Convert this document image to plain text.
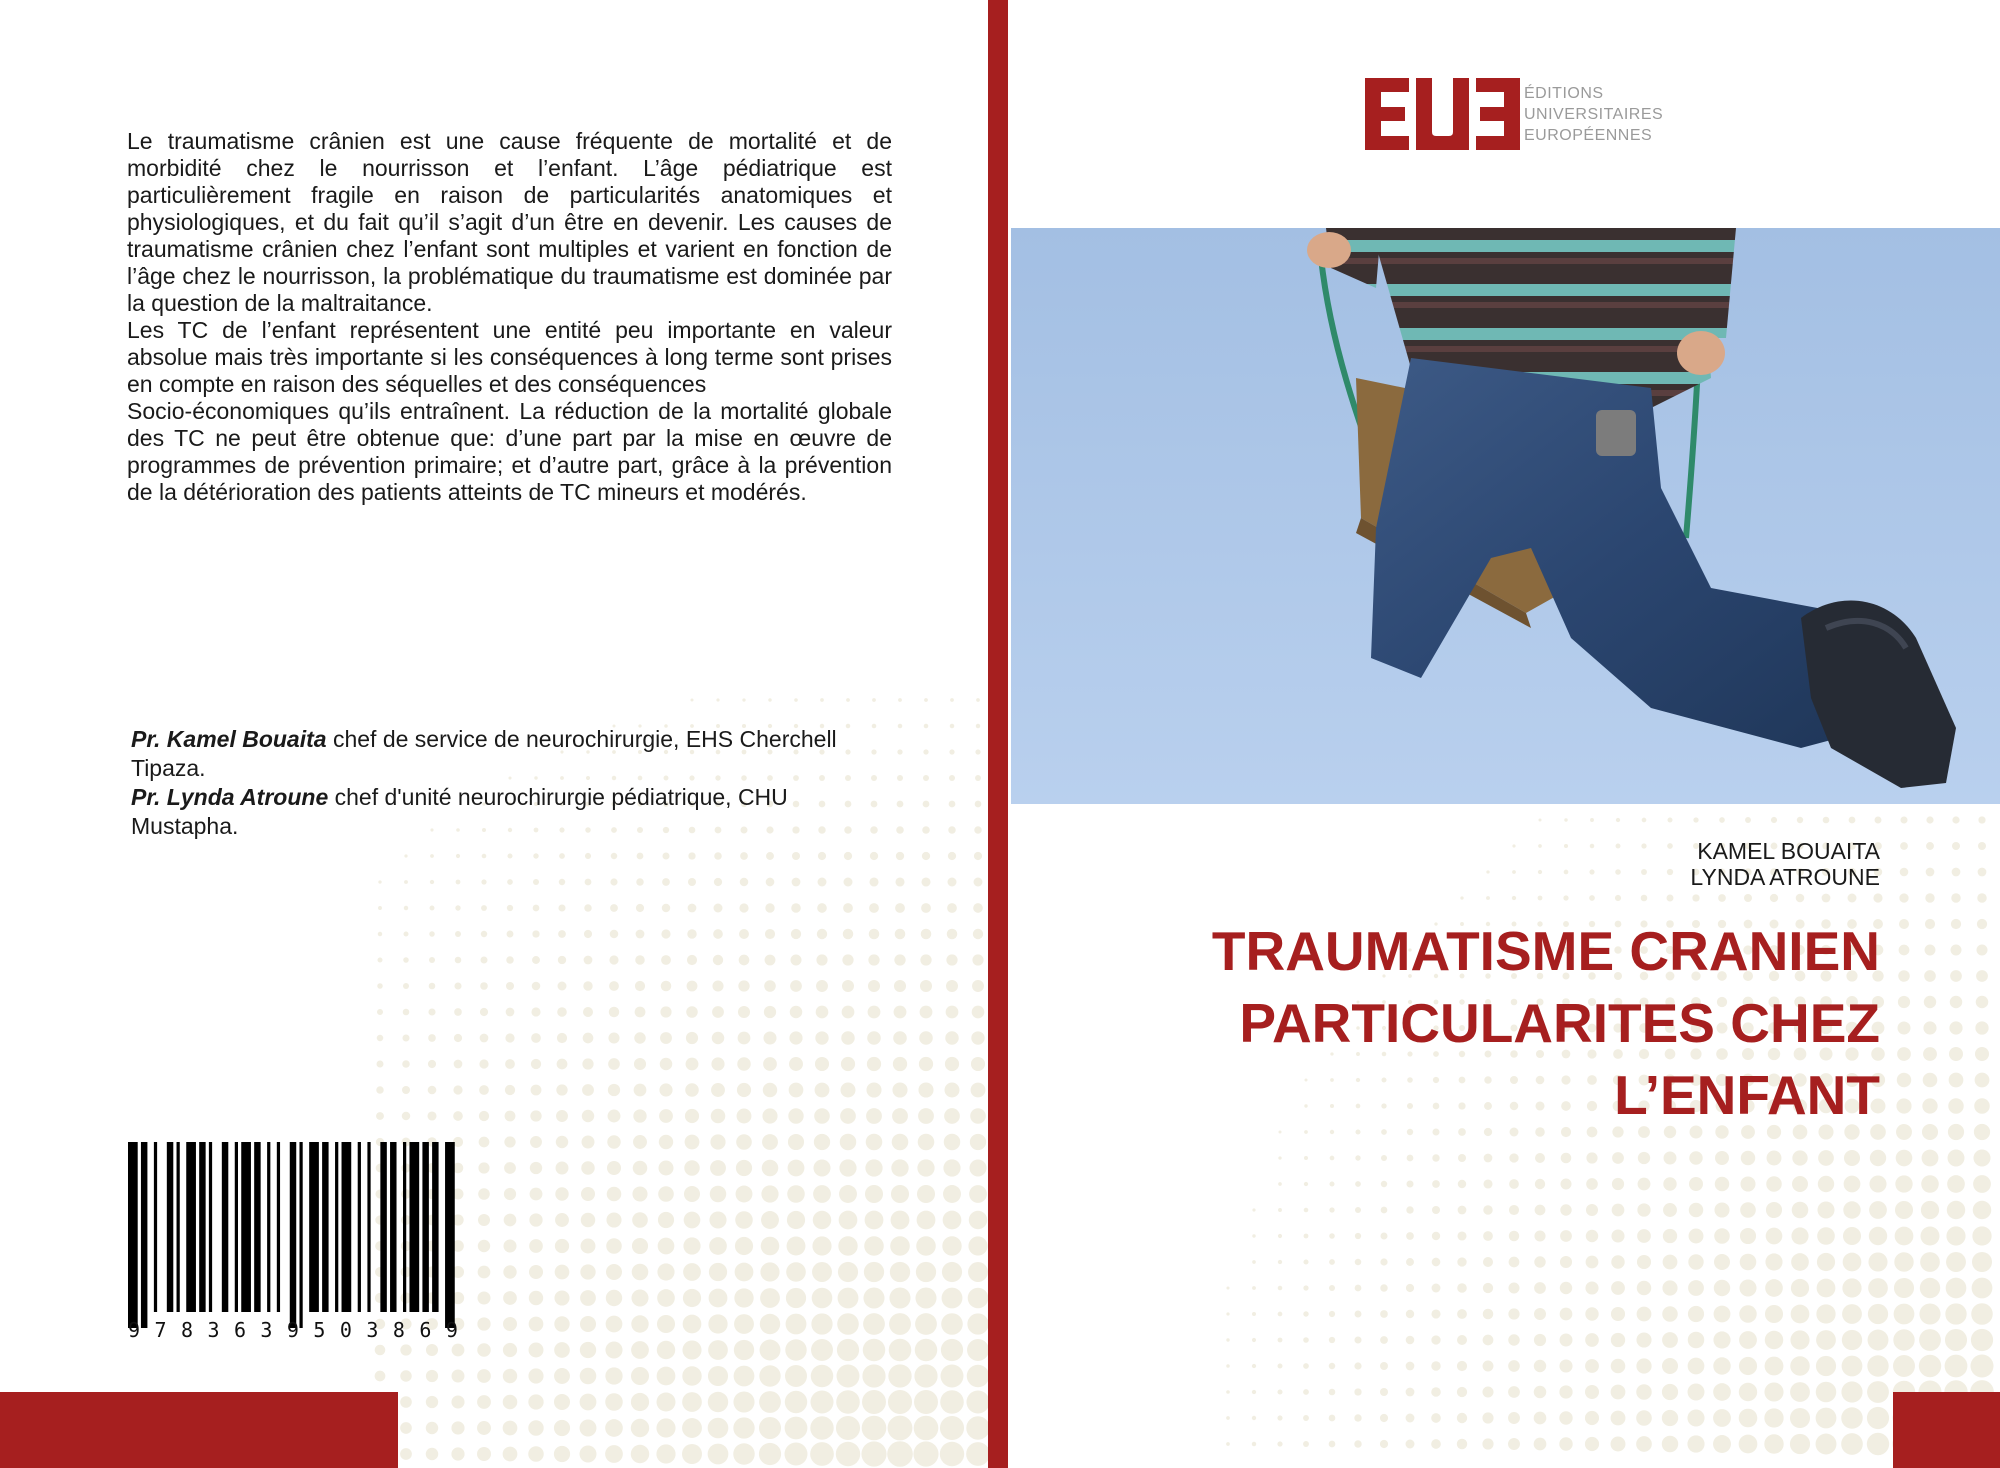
Le traumatisme crânien est une cause fréquente de mortalité et de morbidité chez le nourrisson et l’enfant. L’âge pédiatrique est particulièrement fragile en raison de particularités anatomiques et physiologiques, et du fait qu’il s’agit d’un être en devenir. Les causes de traumatisme crânien chez l’enfant sont multiples et varient en fonction de l’âge chez le nourrisson, la problématique du traumatisme est dominée par la question de la maltraitance.

Les TC de l’enfant représentent une entité peu importante en valeur absolue mais très importante si les conséquences à long terme sont prises en compte en raison des séquelles et des conséquences

Socio-économiques qu’ils entraînent. La réduction de la mortalité globale des TC ne peut être obtenue que: d’une part par la mise en œuvre de programmes de prévention primaire; et d’autre part, grâce à la prévention de la détérioration des patients atteints de TC mineurs et modérés.

Pr. Kamel Bouaita chef de service de neurochirurgie, EHS Cherchell Tipaza.

Pr. Lynda Atroune chef d'unité neurochirurgie pédiatrique, CHU Mustapha.

9 7 8 3 6 3 9 5 0 3 8 6 9
ÉDITIONS
UNIVERSITAIRES
EUROPÉENNES
KAMEL BOUAITA
LYNDA ATROUNE
TRAUMATISME CRANIEN
PARTICULARITES CHEZ
L’ENFANT
